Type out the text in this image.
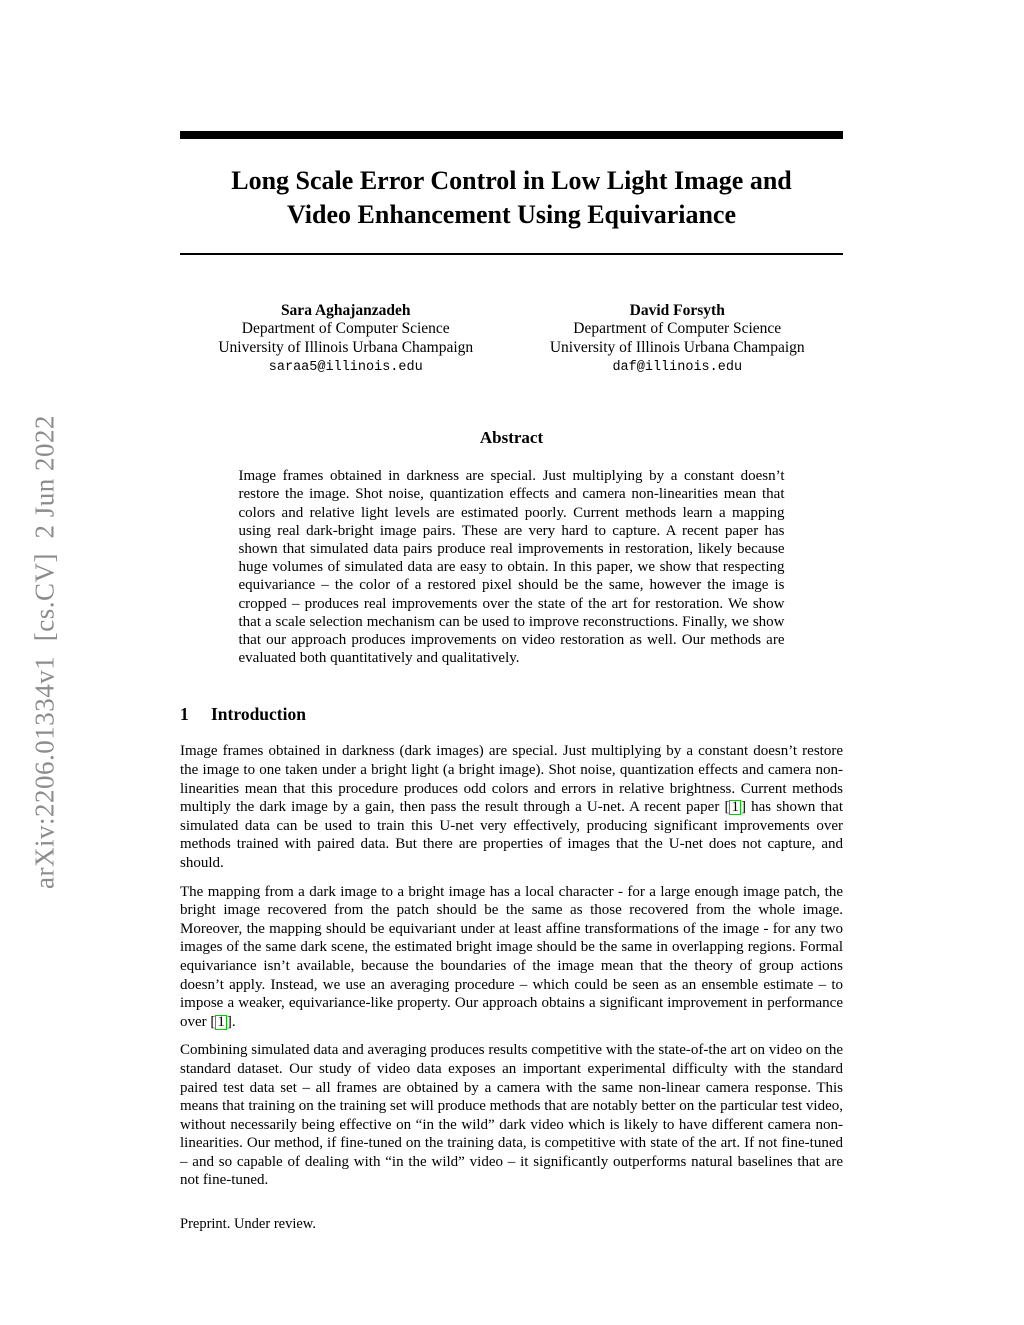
arXiv:2206.01334v1  [cs.CV]  2 Jun 2022
Long Scale Error Control in Low Light Image and
Video Enhancement Using Equivariance
Sara Aghajanzadeh
Department of Computer Science
University of Illinois Urbana Champaign
saraa5@illinois.edu
David Forsyth
Department of Computer Science
University of Illinois Urbana Champaign
daf@illinois.edu
Abstract

Image frames obtained in darkness are special. Just multiplying by a constant doesn’t restore the image. Shot noise, quantization effects and camera non-linearities mean that colors and relative light levels are estimated poorly. Current methods learn a mapping using real dark-bright image pairs. These are very hard to capture. A recent paper has shown that simulated data pairs produce real improvements in restoration, likely because huge volumes of simulated data are easy to obtain. In this paper, we show that respecting equivariance – the color of a restored pixel should be the same, however the image is cropped – produces real improvements over the state of the art for restoration. We show that a scale selection mechanism can be used to improve reconstructions. Finally, we show that our approach produces improvements on video restoration as well. Our methods are evaluated both quantitatively and qualitatively.

1 Introduction

Image frames obtained in darkness (dark images) are special. Just multiplying by a constant doesn’t restore the image to one taken under a bright light (a bright image). Shot noise, quantization effects and camera non-linearities mean that this procedure produces odd colors and errors in relative brightness. Current methods multiply the dark image by a gain, then pass the result through a U-net. A recent paper [ 1 ] has shown that simulated data can be used to train this U-net very effectively, producing significant improvements over methods trained with paired data. But there are properties of images that the U-net does not capture, and should.

The mapping from a dark image to a bright image has a local character - for a large enough image patch, the bright image recovered from the patch should be the same as those recovered from the whole image. Moreover, the mapping should be equivariant under at least affine transformations of the image - for any two images of the same dark scene, the estimated bright image should be the same in overlapping regions. Formal equivariance isn’t available, because the boundaries of the image mean that the theory of group actions doesn’t apply. Instead, we use an averaging procedure – which could be seen as an ensemble estimate – to impose a weaker, equivariance-like property. Our approach obtains a significant improvement in performance over [ 1 ].

Combining simulated data and averaging produces results competitive with the state-of-the art on video on the standard dataset. Our study of video data exposes an important experimental difficulty with the standard paired test data set – all frames are obtained by a camera with the same non-linear camera response. This means that training on the training set will produce methods that are notably better on the particular test video, without necessarily being effective on “in the wild” dark video which is likely to have different camera non-linearities. Our method, if fine-tuned on the training data, is competitive with state of the art. If not fine-tuned – and so capable of dealing with “in the wild” video – it significantly outperforms natural baselines that are not fine-tuned.

Preprint. Under review.
